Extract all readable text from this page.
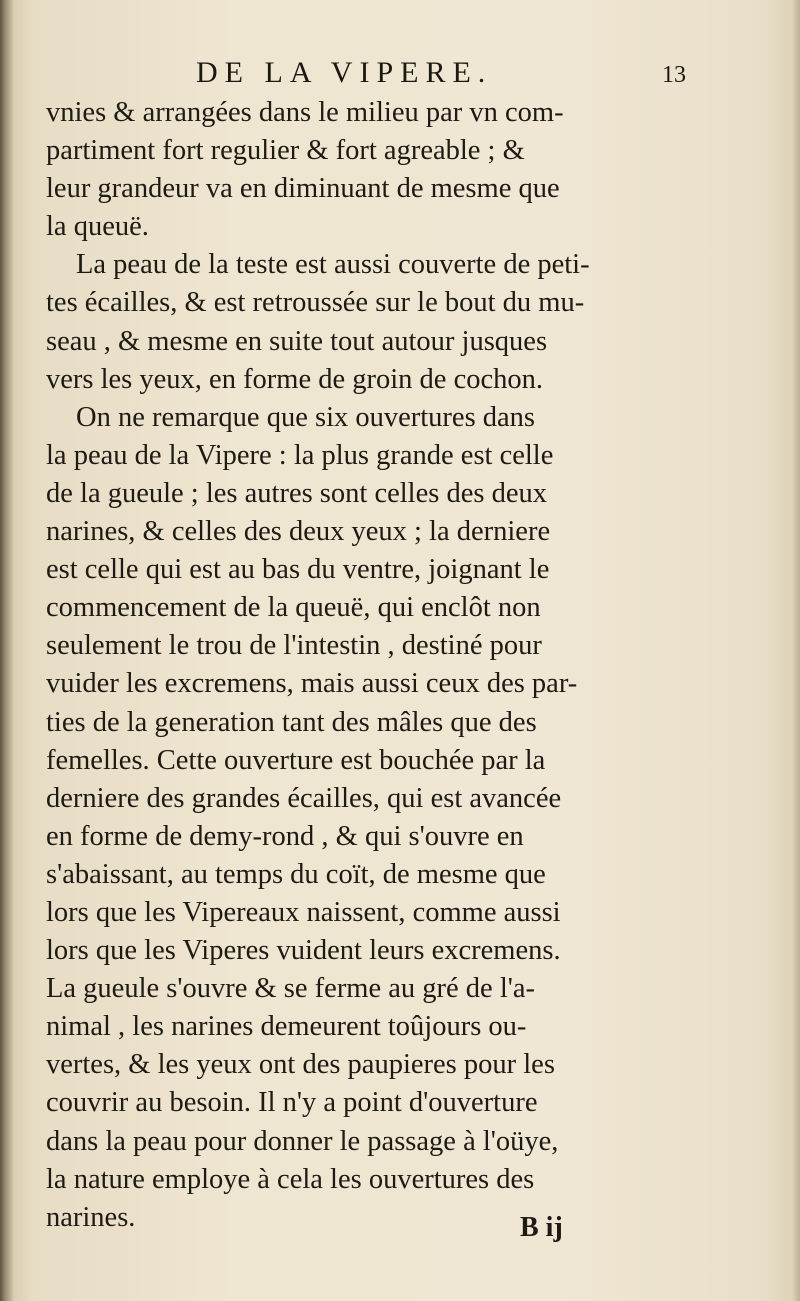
DE LA VIPERE.	13
vnies & arrangées dans le milieu par vn com-
partiment fort regulier & fort agreable ; &
leur grandeur va en diminuant de mesme que
la queuë.
La peau de la teste est aussi couverte de peti-
tes écailles, & est retroussée sur le bout du mu-
seau , & mesme en suite tout autour jusques
vers les yeux, en forme de groin de cochon.
On ne remarque que six ouvertures dans
la peau de la Vipere : la plus grande est celle
de la gueule ; les autres sont celles des deux
narines, & celles des deux yeux ; la derniere
est celle qui est au bas du ventre, joignant le
commencement de la queuë, qui enclôt non
seulement le trou de l'intestin , destiné pour
vuider les excremens, mais aussi ceux des par-
ties de la generation tant des mâles que des
femelles. Cette ouverture est bouchée par la
derniere des grandes écailles, qui est avancée
en forme de demy-rond , & qui s'ouvre en
s'abaissant, au temps du coït, de mesme que
lors que les Vipereaux naissent, comme aussi
lors que les Viperes vuident leurs excremens.
La gueule s'ouvre & se ferme au gré de l'a-
nimal , les narines demeurent toûjours ou-
vertes, & les yeux ont des paupieres pour les
couvrir au besoin. Il n'y a point d'ouverture
dans la peau pour donner le passage à l'oüye,
la nature employe à cela les ouvertures des
narines.	B ij
